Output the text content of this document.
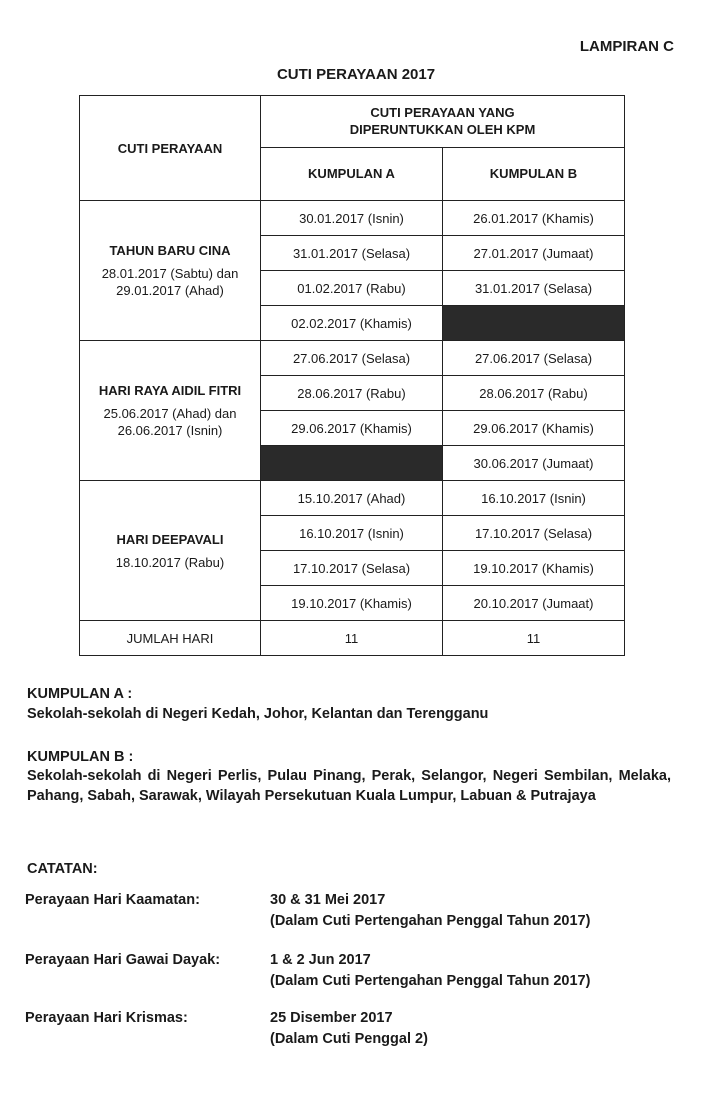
LAMPIRAN C
CUTI PERAYAAN 2017
CUTI PERAYAAN	CUTI PERAYAAN YANG DIPERUNTUKKAN OLEH KPM	

	KUMPULAN A	KUMPULAN B

TAHUN BARU CINA
28.01.2017 (Sabtu) dan 29.01.2017 (Ahad)	30.01.2017 (Isnin)	26.01.2017 (Khamis)
	31.01.2017 (Selasa)	27.01.2017 (Jumaat)
	01.02.2017 (Rabu)	31.01.2017 (Selasa)
	02.02.2017 (Khamis)	

HARI RAYA AIDIL FITRI
25.06.2017 (Ahad) dan 26.06.2017 (Isnin)	27.06.2017 (Selasa)	27.06.2017 (Selasa)
	28.06.2017 (Rabu)	28.06.2017 (Rabu)
	29.06.2017 (Khamis)	29.06.2017 (Khamis)
		30.06.2017 (Jumaat)

HARI DEEPAVALI
18.10.2017 (Rabu)	15.10.2017 (Ahad)	16.10.2017 (Isnin)
	16.10.2017 (Isnin)	17.10.2017 (Selasa)
	17.10.2017 (Selasa)	19.10.2017 (Khamis)
	19.10.2017 (Khamis)	20.10.2017 (Jumaat)
JUMLAH HARI	11	11
KUMPULAN A :
Sekolah-sekolah di Negeri Kedah, Johor, Kelantan dan Terengganu
KUMPULAN B :
Sekolah-sekolah di Negeri Perlis, Pulau Pinang, Perak, Selangor, Negeri Sembilan, Melaka, Pahang, Sabah, Sarawak, Wilayah Persekutuan Kuala Lumpur, Labuan & Putrajaya
CATATAN:
Perayaan Hari Kaamatan:	30 & 31 Mei 2017
(Dalam Cuti Pertengahan Penggal Tahun 2017)
Perayaan Hari Gawai Dayak:	1 & 2 Jun 2017
(Dalam Cuti Pertengahan Penggal Tahun 2017)
Perayaan Hari Krismas:	25 Disember 2017
(Dalam Cuti Penggal 2)
